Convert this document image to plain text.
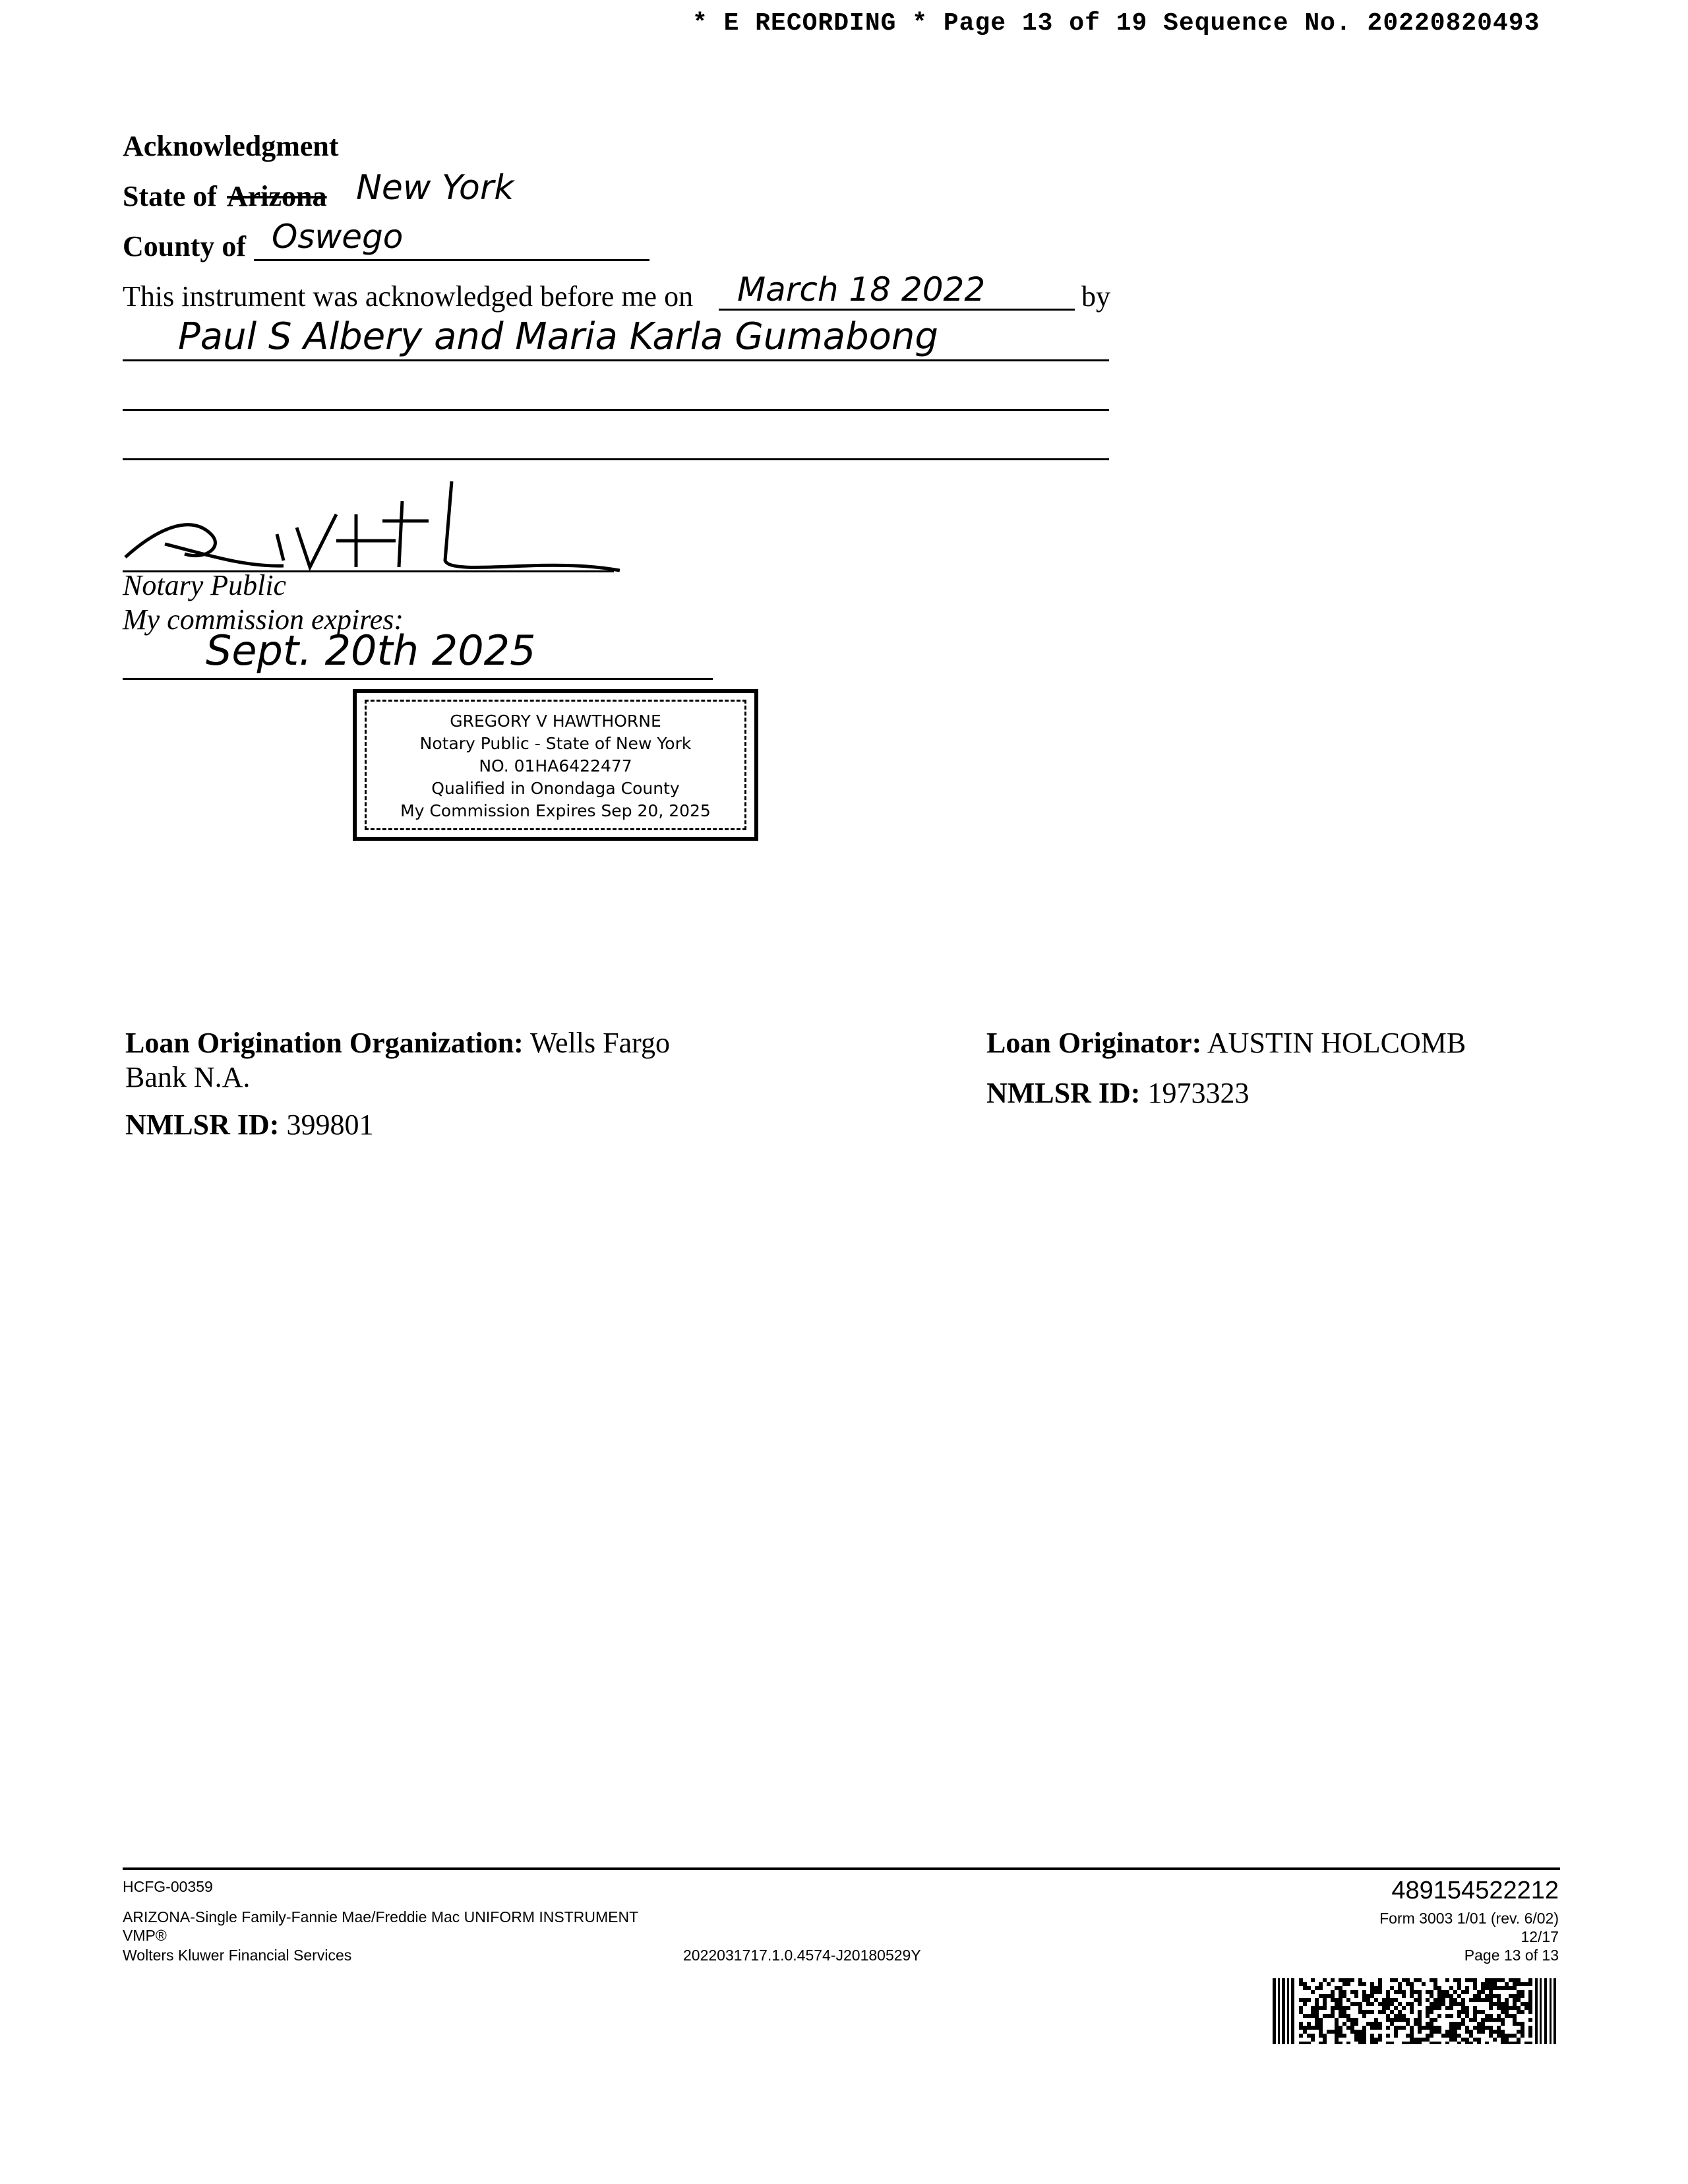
* E RECORDING * Page 13 of 19 Sequence No. 20220820493
Acknowledgment
State of Arizona New York
County of Oswego
This instrument was acknowledged before me on March 18 2022	by
Paul S Albery and Maria Karla Gumabong
Notary Public
My commission expires:
Sept. 20th 2025
GREGORY V HAWTHORNE
Notary Public - State of New York
NO. 01HA6422477
Qualified in Onondaga County
My Commission Expires Sep 20, 2025
Loan Origination Organization: Wells Fargo
Bank N.A.
NMLSR ID: 399801
Loan Originator: AUSTIN HOLCOMB
NMLSR ID: 1973323
HCFG-00359
ARIZONA-Single Family-Fannie Mae/Freddie Mac UNIFORM INSTRUMENT
VMP®
Wolters Kluwer Financial Services	2022031717.1.0.4574-J20180529Y
489154522212
Form 3003 1/01 (rev. 6/02)
12/17
Page 13 of 13
